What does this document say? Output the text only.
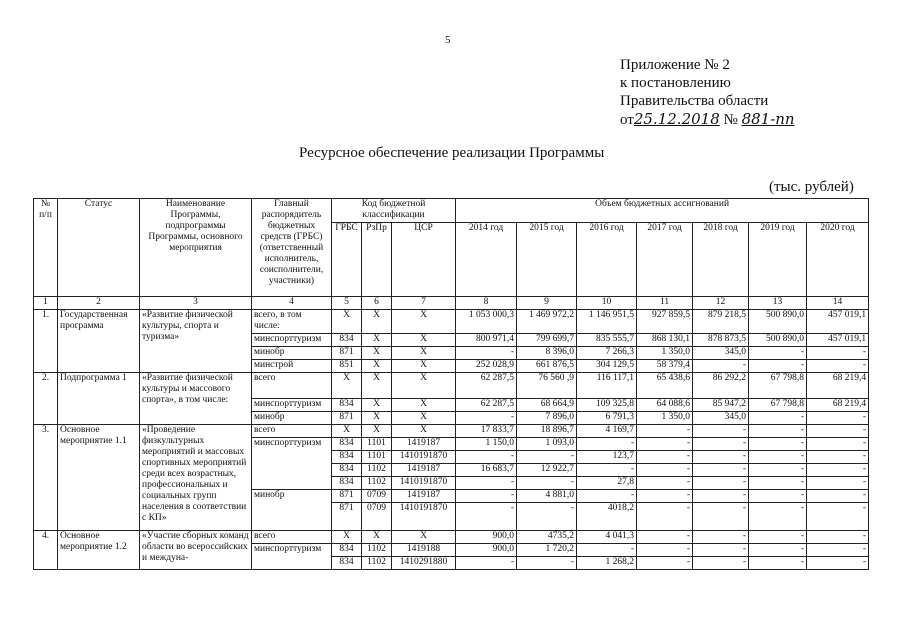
5
Приложение № 2
к постановлению
Правительства области
от25.12.2018 № 881-пп
Ресурсное обеспечение реализации Программы
(тыс. рублей)
№ п/п	Статус	Наименование Программы, подпрограммы Программы, основного мероприятия	Главный распорядитель бюджетных средств (ГРБС) (ответственный исполнитель, соисполнители, участники)	Код бюджетной классификации			Объем бюджетных ассигнований						
				ГРБС	РзПр	ЦСР	2014 год	2015 год	2016 год	2017 год	2018 год	2019 год	2020 год
1	2	3	4	5	6	7	8	9	10	11	12	13	14
1.	Государственная программа	«Развитие физической культуры, спорта и туризма»	всего, в том числе:	X	X	X	1 053 000,3	1 469 972,2	1 146 951,5	927 859,5	879 218,5	500 890,0	457 019,1
			минспорттуризм	834	X	X	800 971,4	799 699,7	835 555,7	868 130,1	878 873,5	500 890,0	457 019,1
			минобр	871	X	X	-	8 396,0	7 266,3	1 350,0	345,0	-	-
			минстрой	851	X	X	252 028,9	661 876,5	304 129,5	58 379,4	-	-	-
2.	Подпрограмма 1	«Развитие физической культуры и массового спорта», в том числе:	всего	X	X	X	62 287,5	76 560 ,9	116 117,1	65 438,6	86 292,2	67 798,8	68 219,4
			минспорттуризм	834	X	X	62 287,5	68 664,9	109 325,8	64 088,6	85 947,2	67 798,8	68 219,4
			минобр	871	X	X	-	7 896,0	6 791,3	1 350,0	345,0	-	-
3.	Основное мероприятие 1.1	«Проведение физкультурных мероприятий и массовых спортивных мероприятий среди всех возрастных, профессиональных и социальных групп населения в соответствии с КП»	всего	X	X	X	17 833,7	18 896,7	4 169,7	-	-	-	-
			минспорттуризм	834	1101	1419187	1 150,0	1 093,0	-	-	-	-	-
				834	1101	1410191870	-	-	123,7	-	-	-	-
				834	1102	1419187	16 683,7	12 922,7	-	-	-	-	-
				834	1102	1410191870	-	-	27,8	-	-	-	-
			минобр	871	0709	1419187	-	4 881,0	-	-	-	-	-
				871	0709	1410191870	-	-	4018,2	-	-	-	-
4.	Основное мероприятие 1.2	«Участие сборных команд области во всероссийских и междуна-	всего	X	X	X	900,0	4735,2	4 041,3	-	-	-	-
			минспорттуризм	834	1102	1419188	900,0	1 720,2	-	-	-	-	-
				834	1102	1410291880	-	-	1 268,2	-	-	-	-
